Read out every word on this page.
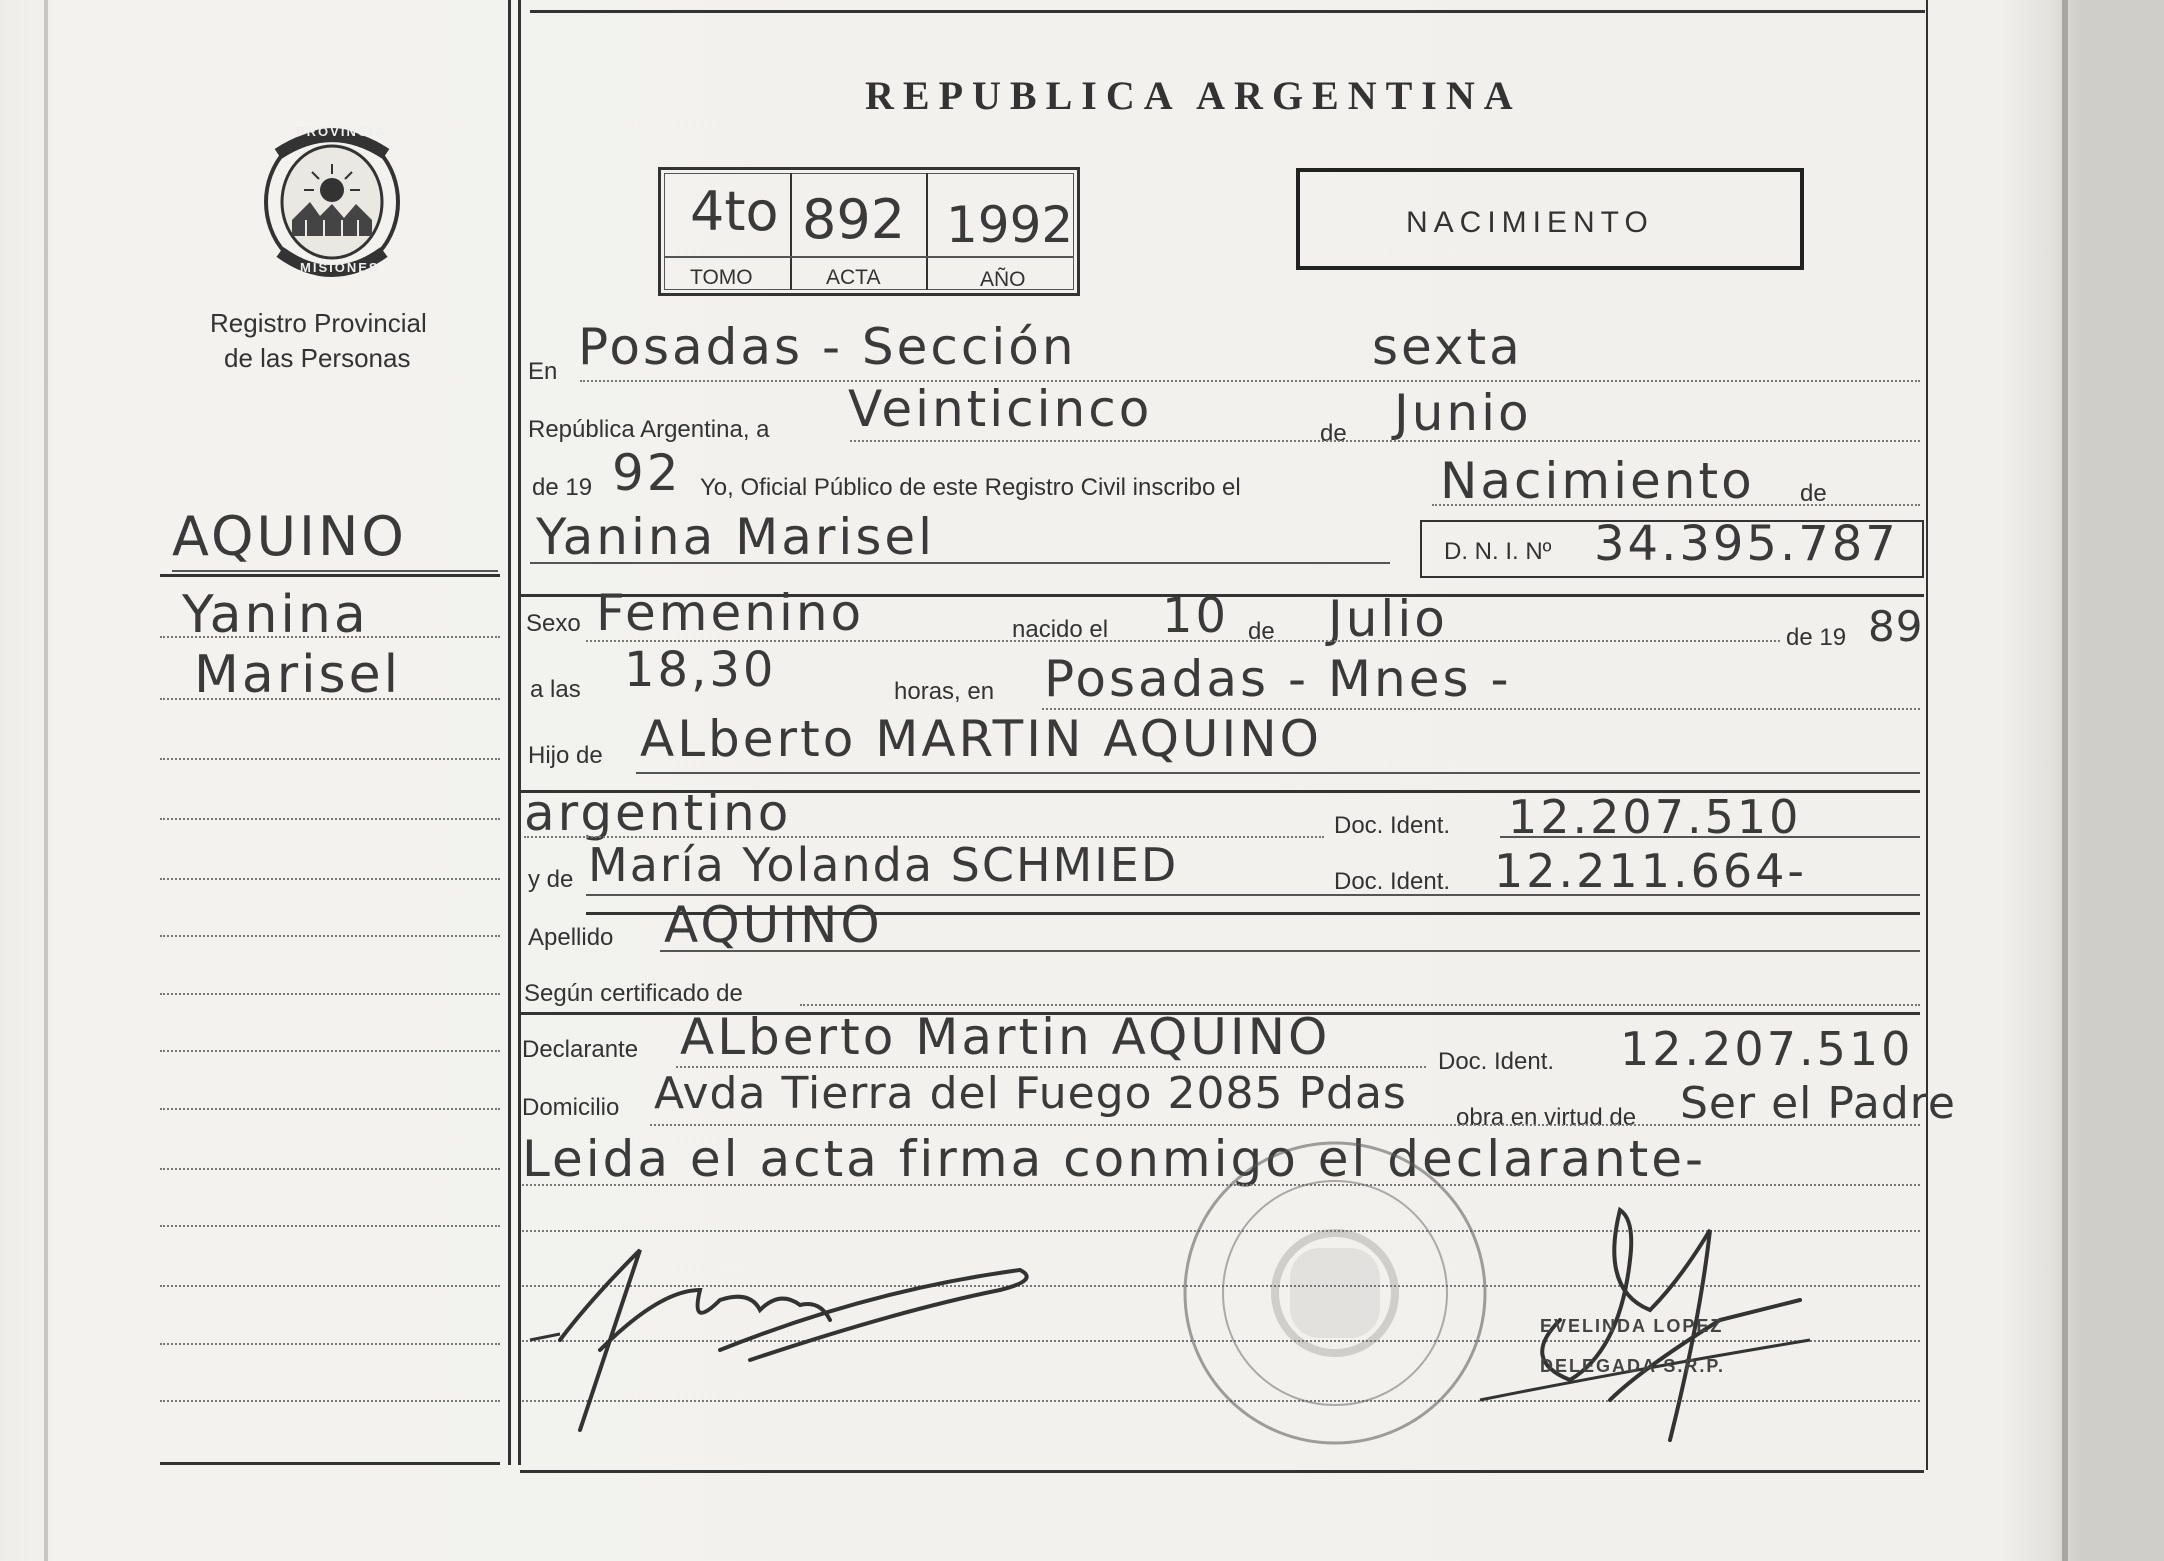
REPUBLICA ARGENTINA
4to 892 1992
TOMO	ACTA	AÑO
NACIMIENTO
PROVINCIA
MISIONES
Registro Provincial
de las Personas
AQUINO
Yanina
Marisel
En Posadas - Sección	sexta
República Argentina, a Veinticinco	de Junio
de 19 92 Yo, Oficial Público de este Registro Civil inscribo el	Nacimiento de
Yanina Marisel	D. N. I. Nº 34.395.787
Sexo Femenino	nacido el 10 de Julio	de 19 89
a las 18,30	horas, en Posadas - Mnes -
Hijo de ALberto MARTIN AQUINO
argentino	Doc. Ident. 12.207.510
y de María Yolanda SCHMIED	Doc. Ident. 12.211.664-
Apellido AQUINO
Según certificado de
Declarante ALberto Martin AQUINO	Doc. Ident. 12.207.510
Domicilio Avda Tierra del Fuego 2085 Pdas obra en virtud de Ser el Padre
Leida el acta firma conmigo el declarante-
EVELINDA LOPEZ
DELEGADA S.R.P.
